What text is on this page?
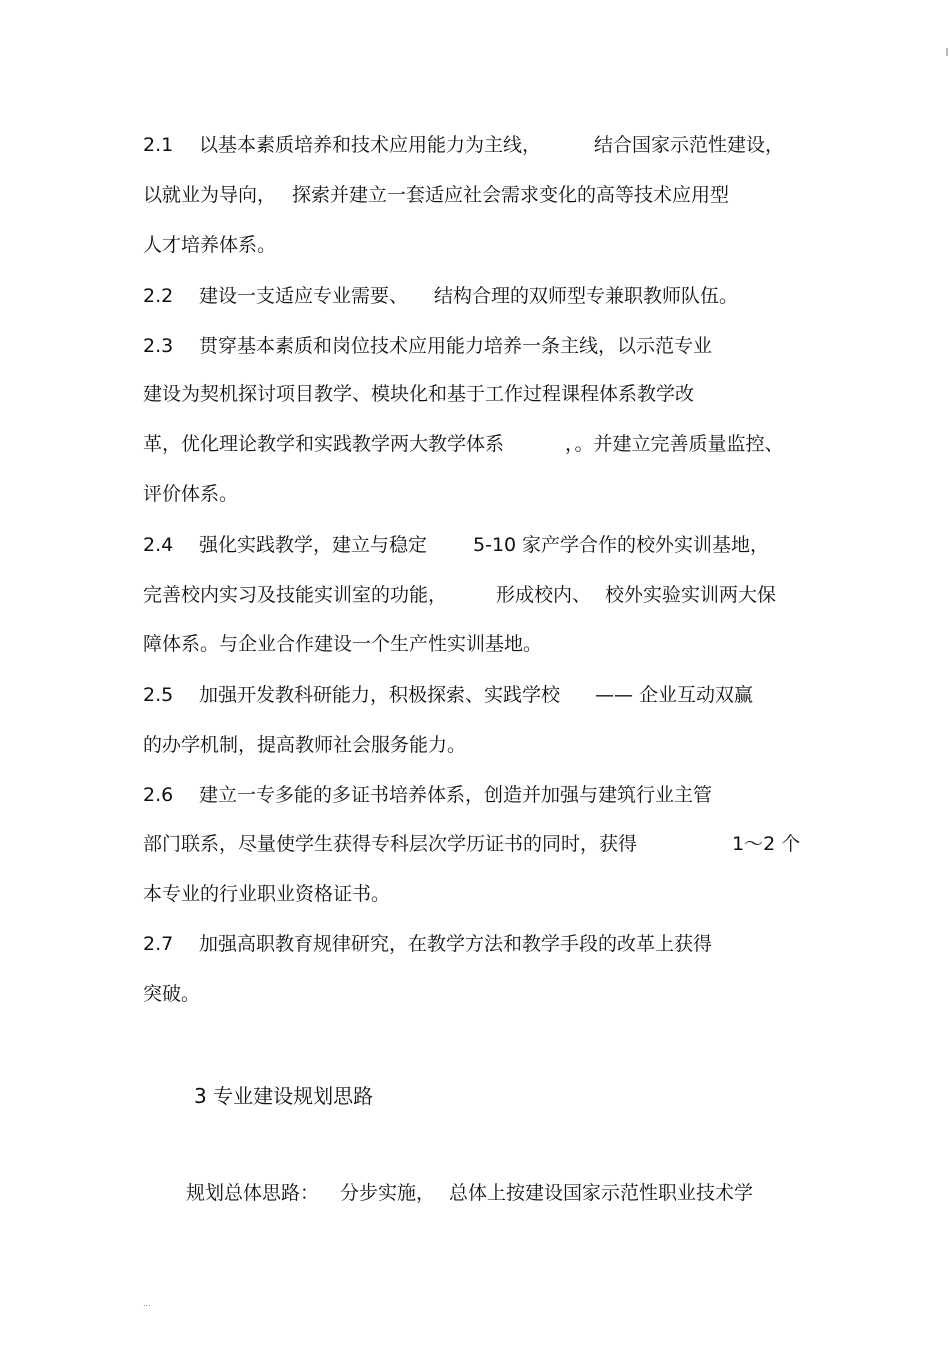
2.1 以基本素质培养和技术应用能力为主线，	结合国家示范性建设，
以就业为导向， 探索并建立一套适应社会需求变化的高等技术应用型
人才培养体系。
2.2 建设一支适应专业需要、 结构合理的双师型专兼职教师队伍。
2.3 贯穿基本素质和岗位技术应用能力培养一条主线，以示范专业
建设为契机探讨项目教学、模块化和基于工作过程课程体系教学改
革，优化理论教学和实践教学两大教学体系	，。并建立完善质量监控、
评价体系。
2.4 强化实践教学，建立与稳定 5-10 家产学合作的校外实训基地，
完善校内实习及技能实训室的功能，	形成校内、 校外实验实训两大保
障体系。与企业合作建设一个生产性实训基地。
2.5 加强开发教科研能力，积极探索、实践学校 —— 企业互动双赢
的办学机制，提高教师社会服务能力。
2.6 建立一专多能的多证书培养体系，创造并加强与建筑行业主管
部门联系，尽量使学生获得专科层次学历证书的同时，获得	1～2 个
本专业的行业职业资格证书。
2.7 加强高职教育规律研究，在教学方法和教学手段的改革上获得
突破。
3 专业建设规划思路
规划总体思路： 分步实施， 总体上按建设国家示范性职业技术学
...
